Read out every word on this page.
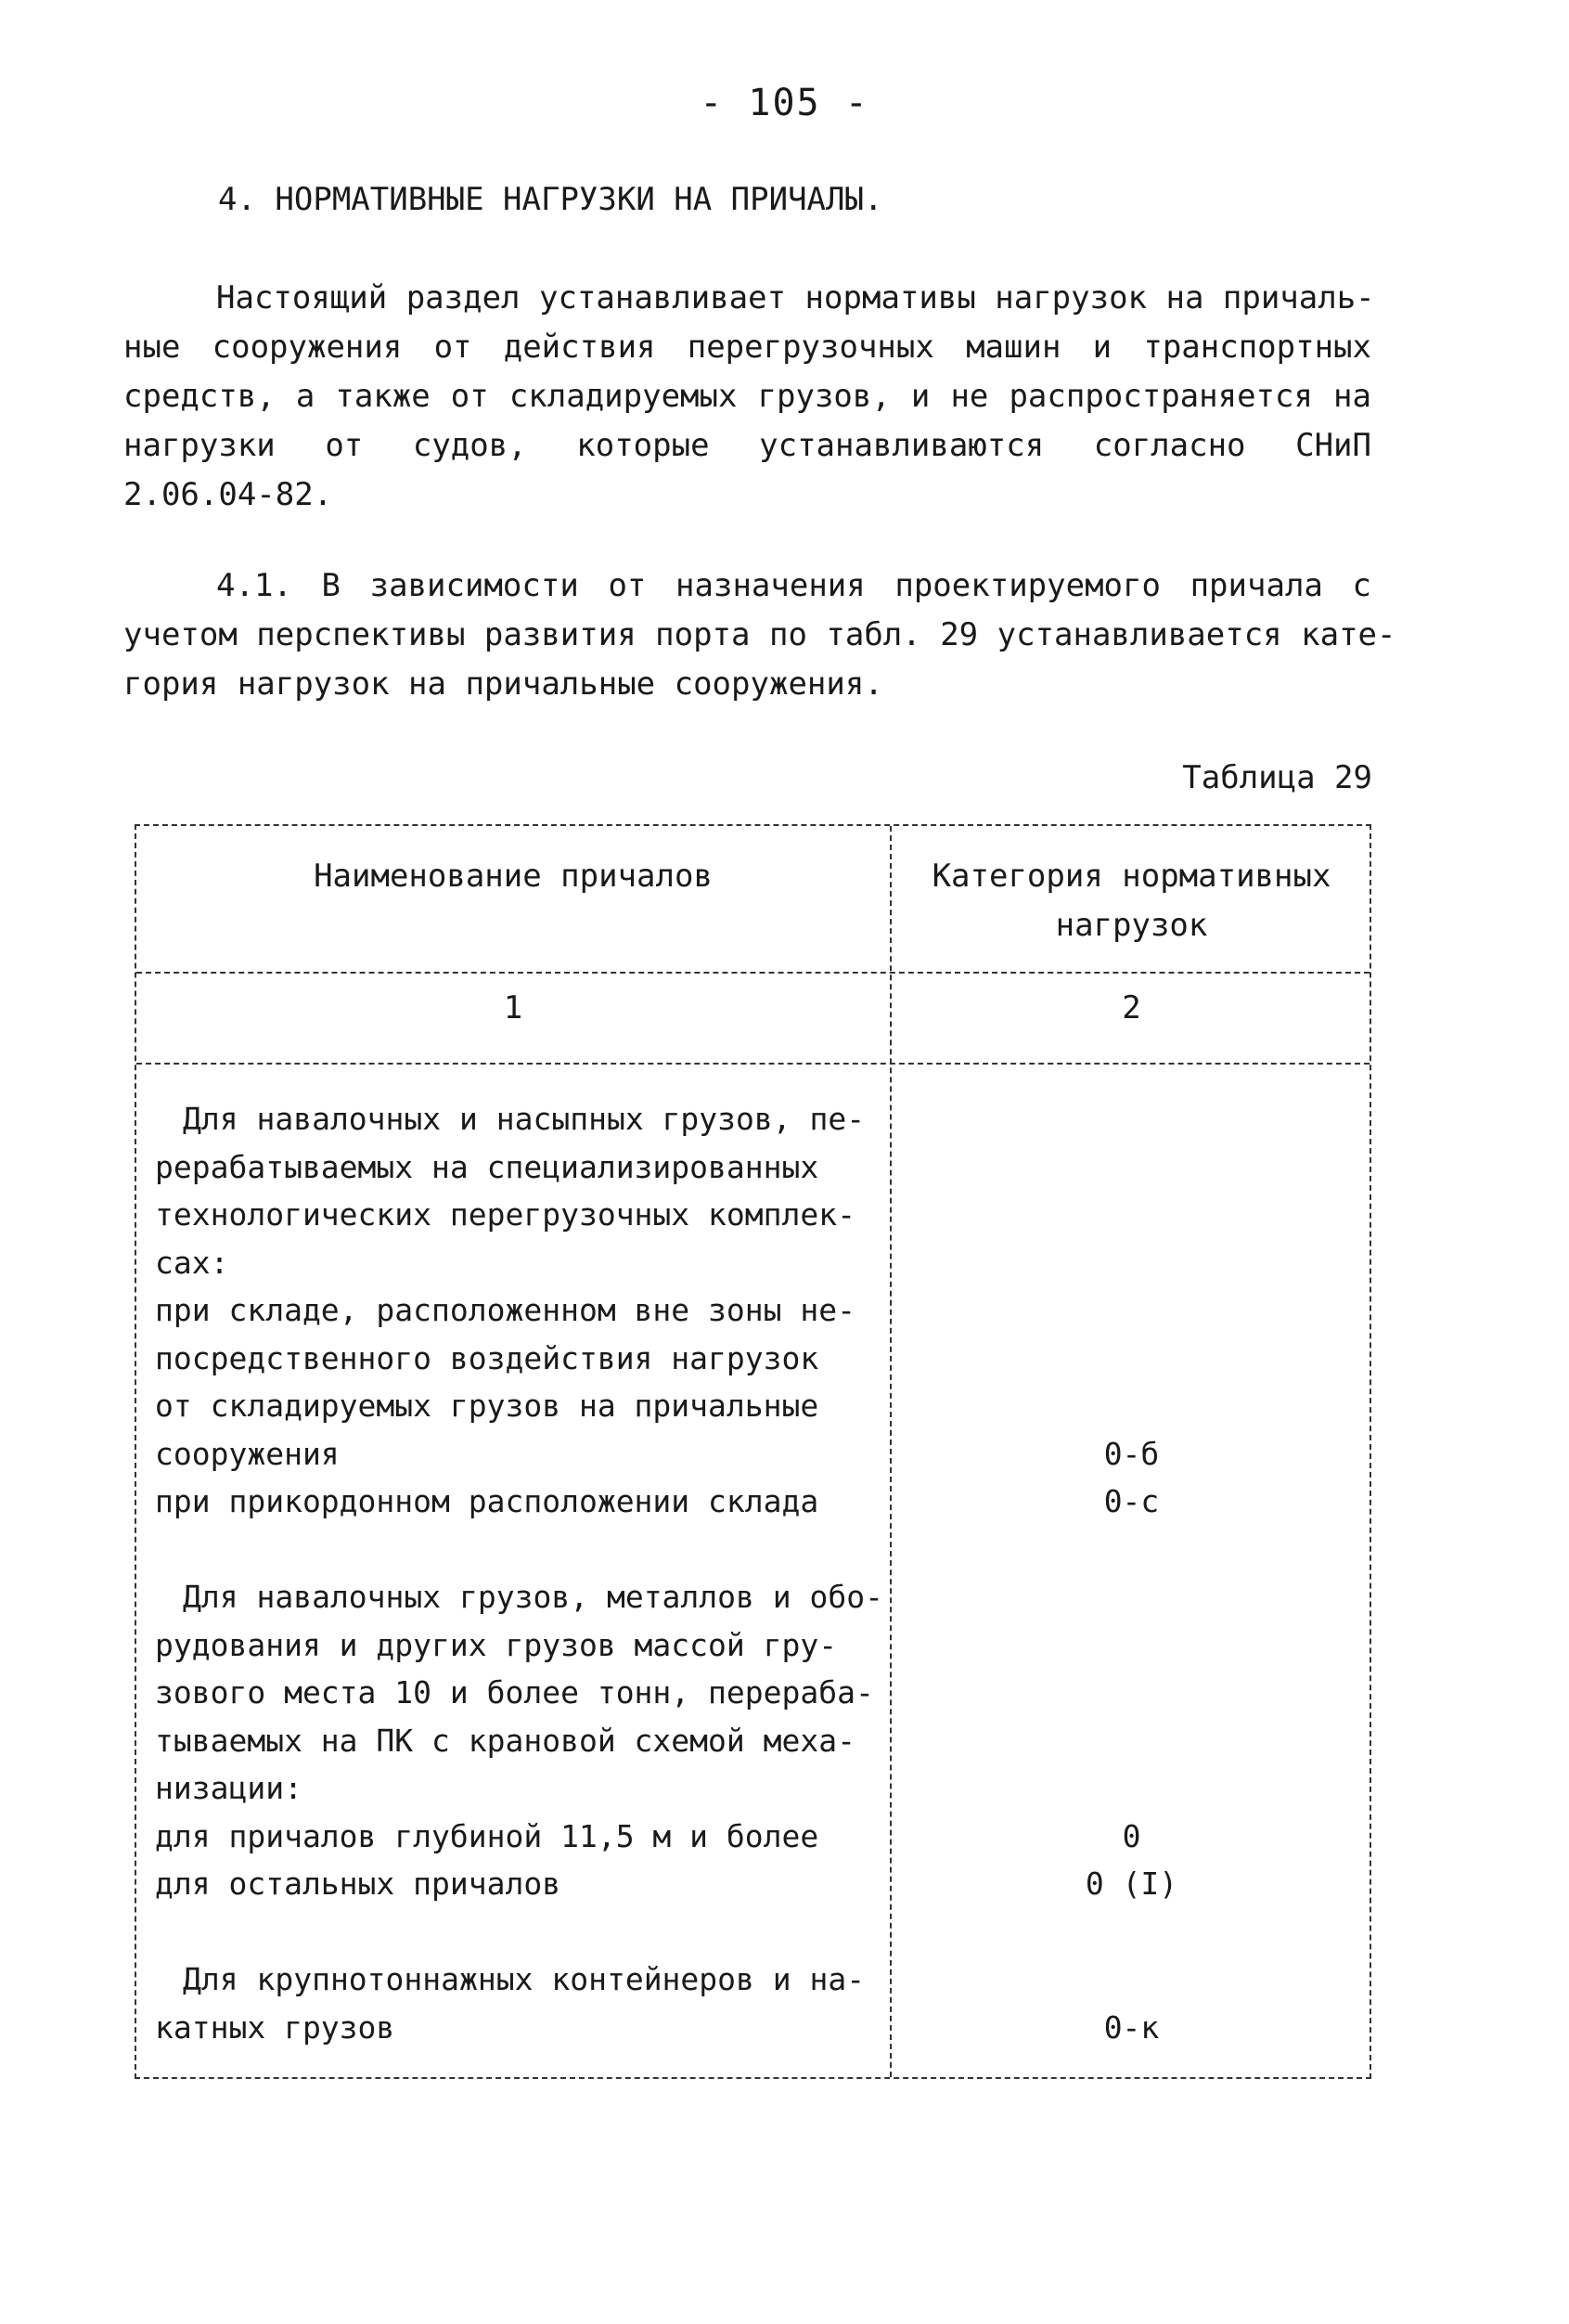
- 105 -
4. НОРМАТИВНЫЕ НАГРУЗКИ НА ПРИЧАЛЫ.
Настоящий раздел устанавливает нормативы нагрузок на причаль-
ные сооружения от действия перегрузочных машин и транспортных
средств, а также от складируемых грузов, и не распространяется на
нагрузки от судов, которые устанавливаются согласно СНиП
2.06.04-82.
4.1. В зависимости от назначения проектируемого причала с
учетом перспективы развития порта по табл. 29 устанавливается кате-
гория нагрузок на причальные сооружения.
Таблица 29
Наименование причалов	Категория нормативных
нагрузок
1	2
Для навалочных и насыпных грузов, пе-
рерабатываемых на специализированных
технологических перегрузочных комплек-
сах:
при складе, расположенном вне зоны не-
посредственного воздействия нагрузок
от складируемых грузов на причальные
сооружения	0-б
при прикордонном расположении склада	0-с
Для навалочных грузов, металлов и обо-
рудования и других грузов массой гру-
зового места 10 и более тонн, перераба-
тываемых на ПК с крановой схемой меха-
низации:
для причалов глубиной 11,5 м и более	0
для остальных причалов	0 (I)
Для крупнотоннажных контейнеров и на-
катных грузов	0-к
